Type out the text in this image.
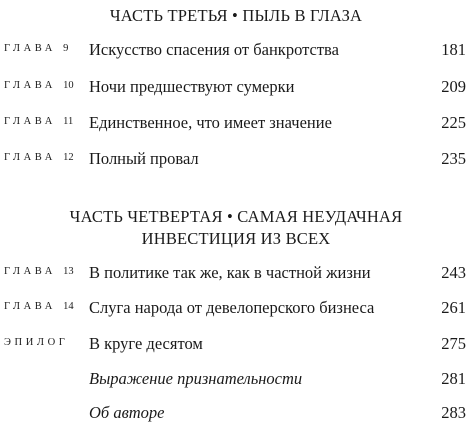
ЧАСТЬ ТРЕТЬЯ • ПЫЛЬ В ГЛАЗА
ГЛАВА 9 Искусство спасения от банкротства	181
ГЛАВА 10 Ночи предшествуют сумерки	209
ГЛАВА 11 Единственное, что имеет значение	225
ГЛАВА 12 Полный провал	235
ЧАСТЬ ЧЕТВЕРТАЯ • САМАЯ НЕУДАЧНАЯ
ИНВЕСТИЦИЯ ИЗ ВСЕХ
ГЛАВА 13 В политике так же, как в частной жизни	243
ГЛАВА 14 Слуга народа от девелоперского бизнеса	261
ЭПИЛОГ В круге десятом	275
Выражение признательности	281
Об авторе	283
